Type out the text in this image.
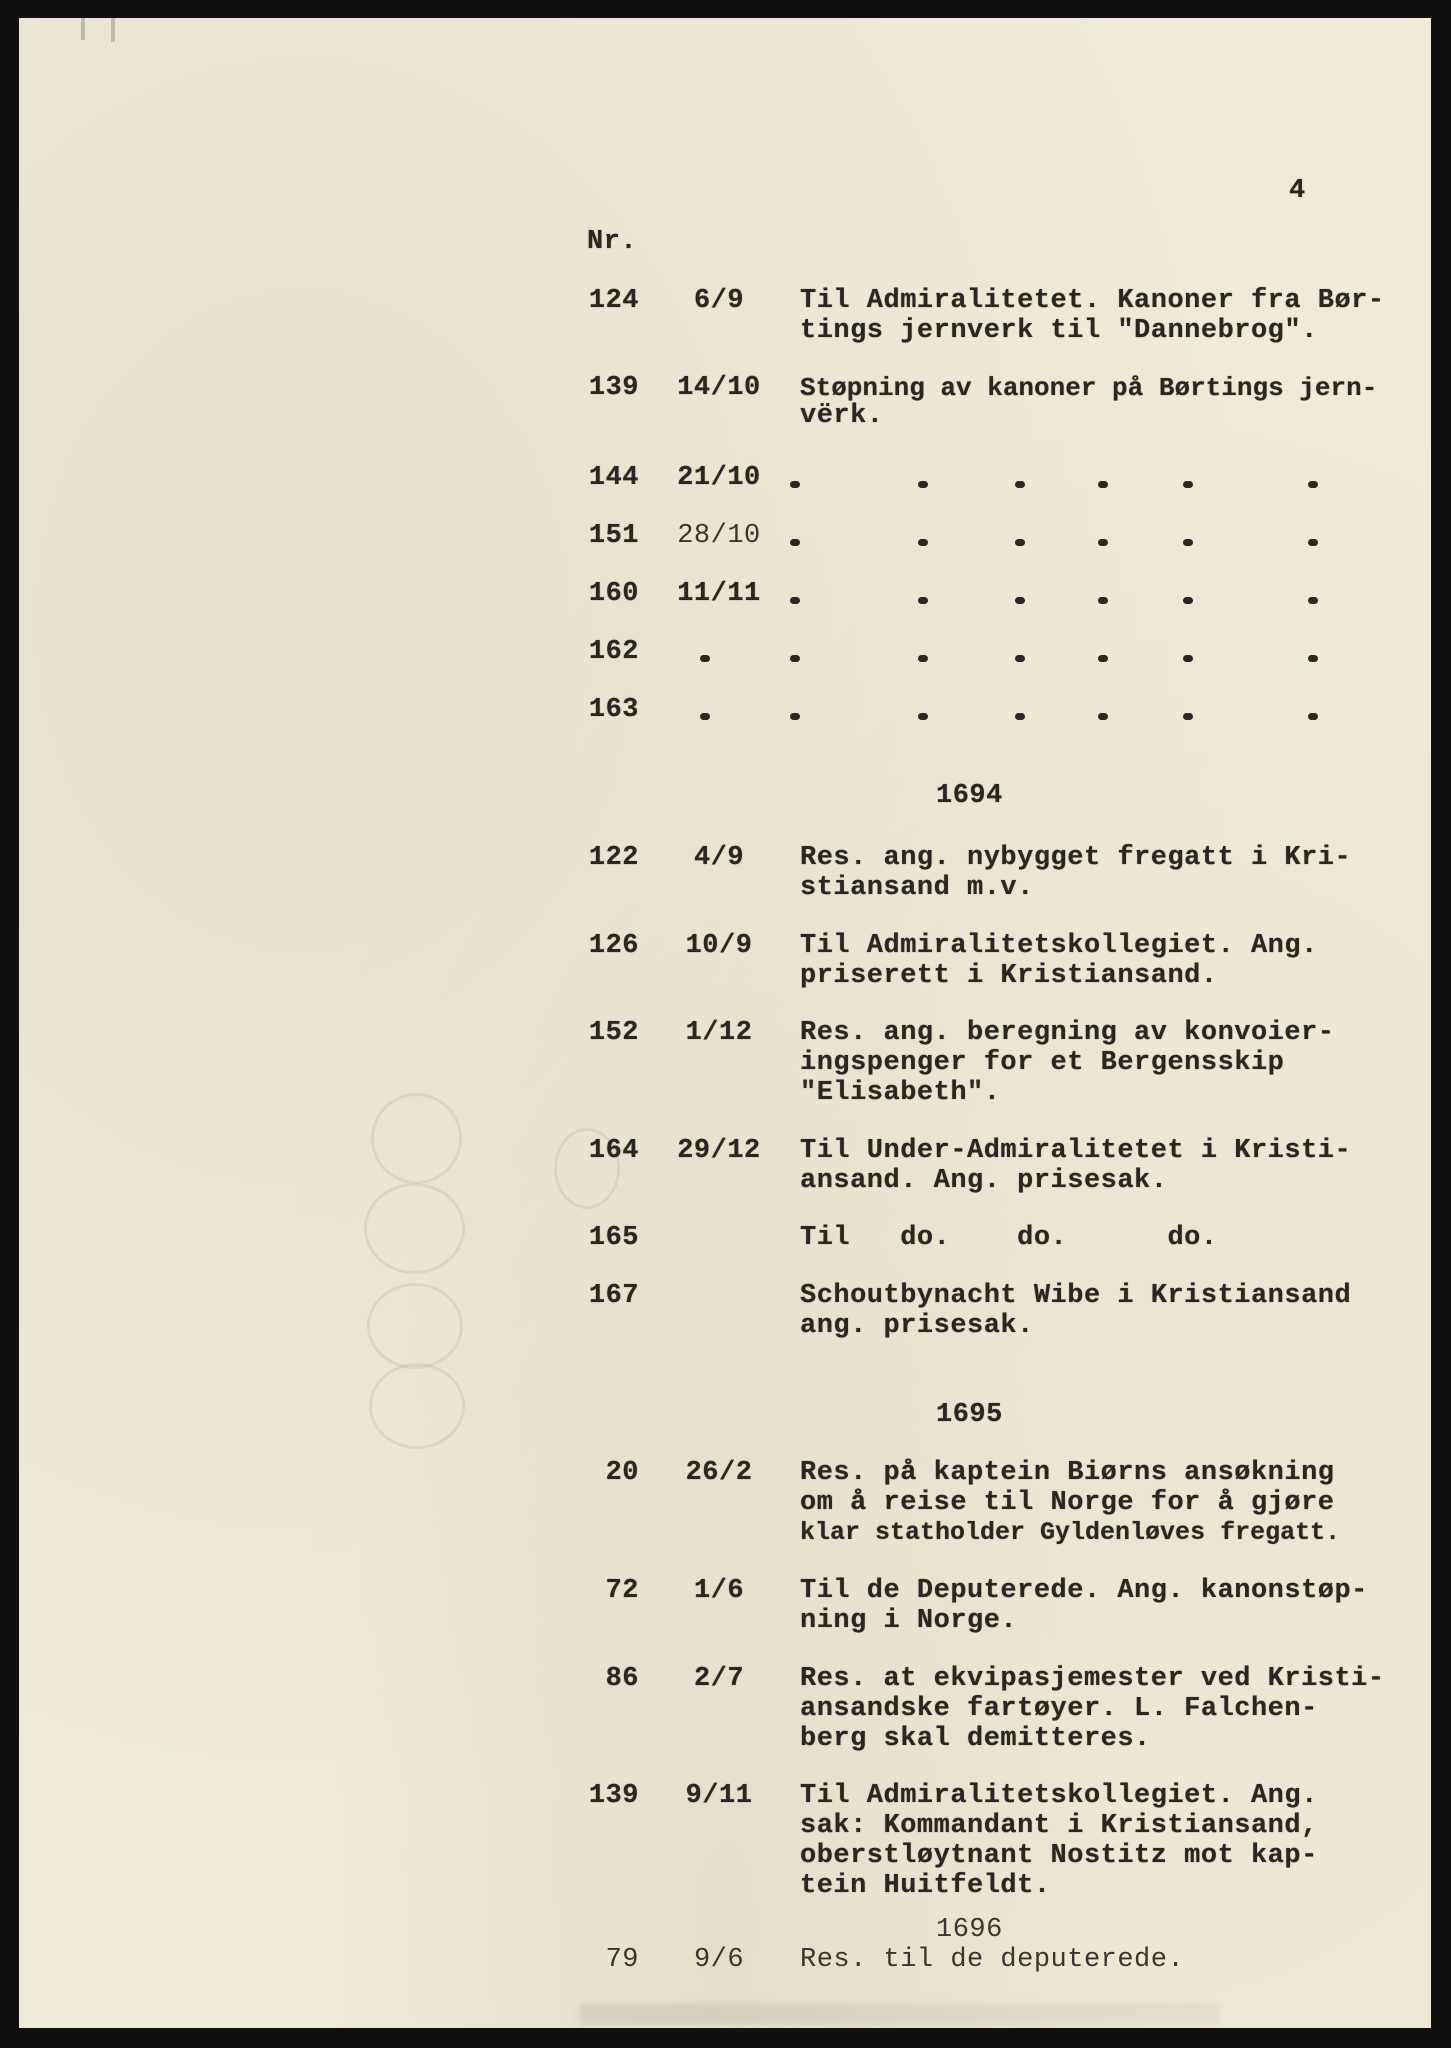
4
Nr.
124	6/9	Til Admiralitetet. Kanoner fra Bør-
tings jernverk til "Dannebrog".
139	14/10	Støpning av kanoner på Børtings jern-
vërk.
144	21/10
151	28/10
160	11/11
162
163
1694
122	4/9	Res. ang. nybygget fregatt i Kri-
stiansand m.v.
126	10/9	Til Admiralitetskollegiet. Ang.
priserett i Kristiansand.
152	1/12	Res. ang. beregning av konvoier-
ingspenger for et Bergensskip
"Elisabeth".
164	29/12	Til Under-Admiralitetet i Kristi-
ansand. Ang. prisesak.
165	Til   do.    do.      do.
167	Schoutbynacht Wibe i Kristiansand
ang. prisesak.
1695
20	26/2	Res. på kaptein Biørns ansøkning
om å reise til Norge for å gjøre
klar statholder Gyldenløves fregatt.
72	1/6	Til de Deputerede. Ang. kanonstøp-
ning i Norge.
86	2/7	Res. at ekvipasjemester ved Kristi-
ansandske fartøyer. L. Falchen-
berg skal demitteres.
139	9/11	Til Admiralitetskollegiet. Ang.
sak: Kommandant i Kristiansand,
oberstløytnant Nostitz mot kap-
tein Huitfeldt.
1696
79	9/6	Res. til de deputerede.
